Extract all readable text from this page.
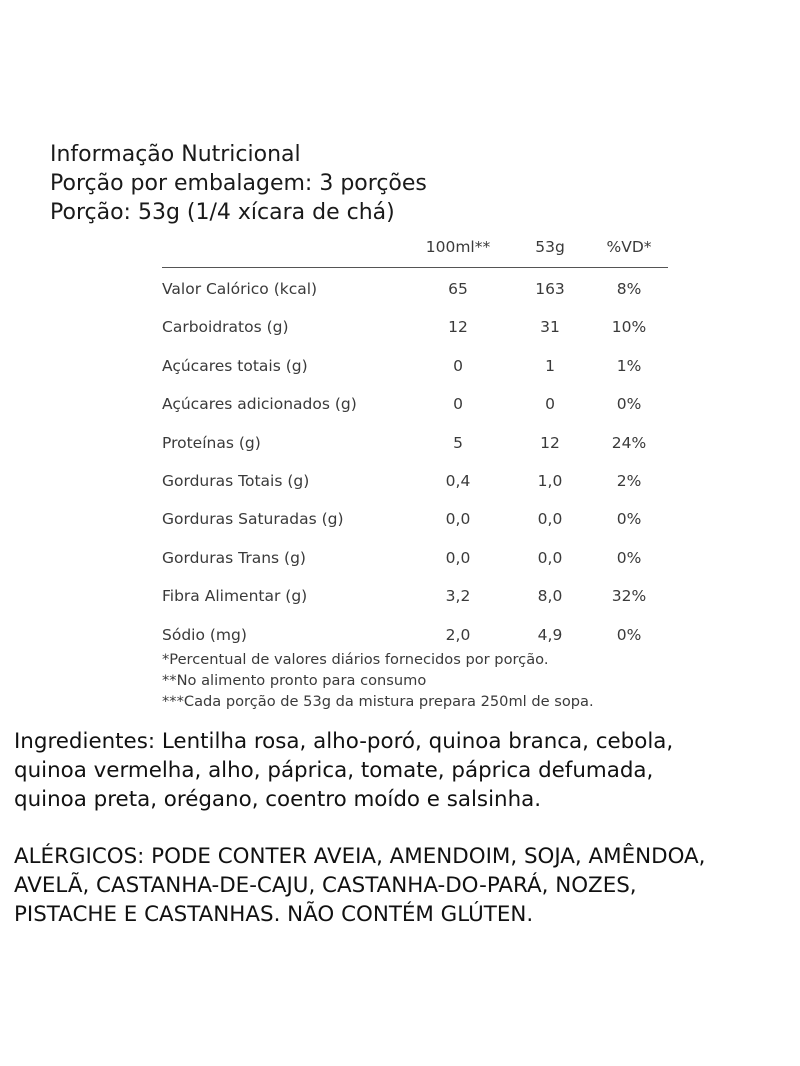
Informação Nutricional
Porção por embalagem: 3 porções
Porção: 53g (1/4 xícara de chá)
100ml**	53g	%VD*
Valor Calórico (kcal)	65	163	8%
Carboidratos (g)	12	31	10%
Açúcares totais (g)	0	1	1%
Açúcares adicionados (g)	0	0	0%
Proteínas (g)	5	12	24%
Gorduras Totais (g)	0,4	1,0	2%
Gorduras Saturadas (g)	0,0	0,0	0%
Gorduras Trans (g)	0,0	0,0	0%
Fibra Alimentar (g)	3,2	8,0	32%
Sódio (mg)	2,0	4,9	0%
*Percentual de valores diários fornecidos por porção.
**No alimento pronto para consumo
***Cada porção de 53g da mistura prepara 250ml de sopa.
Ingredientes: Lentilha rosa, alho-poró, quinoa branca, cebola,
quinoa vermelha, alho, páprica, tomate, páprica defumada,
quinoa preta, orégano, coentro moído e salsinha.
ALÉRGICOS: PODE CONTER AVEIA, AMENDOIM, SOJA, AMÊNDOA,
AVELÃ, CASTANHA-DE-CAJU, CASTANHA-DO-PARÁ, NOZES,
PISTACHE E CASTANHAS. NÃO CONTÉM GLÚTEN.
